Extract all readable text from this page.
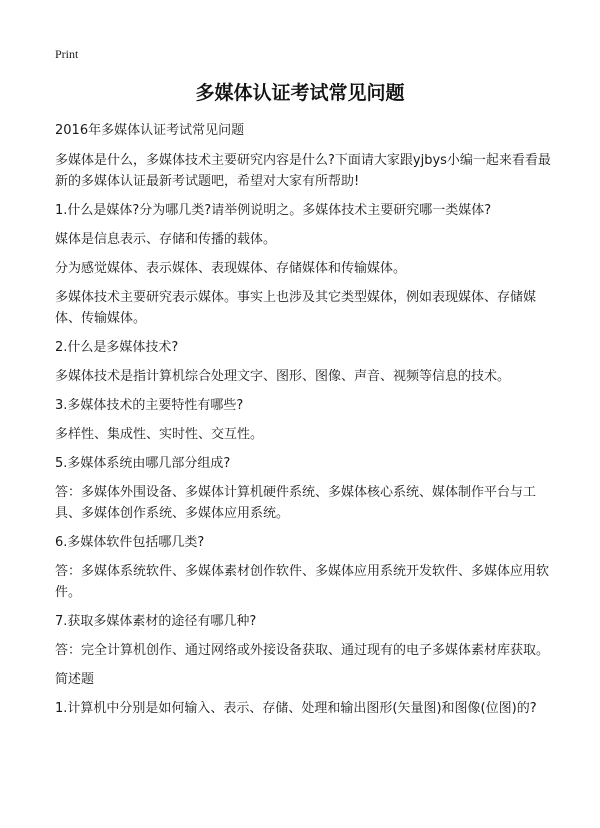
Print
多媒体认证考试常见问题

2016年多媒体认证考试常见问题

多媒体是什么，多媒体技术主要研究内容是什么?下面请大家跟yjbys小编一起来看看最新的多媒体认证最新考试题吧，希望对大家有所帮助!

1.什么是媒体?分为哪几类?请举例说明之。多媒体技术主要研究哪一类媒体?

媒体是信息表示、存储和传播的载体。

分为感觉媒体、表示媒体、表现媒体、存储媒体和传输媒体。

多媒体技术主要研究表示媒体。事实上也涉及其它类型媒体，例如表现媒体、存储媒体、传输媒体。

2.什么是多媒体技术?

多媒体技术是指计算机综合处理文字、图形、图像、声音、视频等信息的技术。

3.多媒体技术的主要特性有哪些?

多样性、集成性、实时性、交互性。

5.多媒体系统由哪几部分组成?

答：多媒体外围设备、多媒体计算机硬件系统、多媒体核心系统、媒体制作平台与工具、多媒体创作系统、多媒体应用系统。

6.多媒体软件包括哪几类?

答：多媒体系统软件、多媒体素材创作软件、多媒体应用系统开发软件、多媒体应用软件。

7.获取多媒体素材的途径有哪几种?

答：完全计算机创作、通过网络或外接设备获取、通过现有的电子多媒体素材库获取。

简述题

1.计算机中分别是如何输入、表示、存储、处理和输出图形(矢量图)和图像(位图)的?
